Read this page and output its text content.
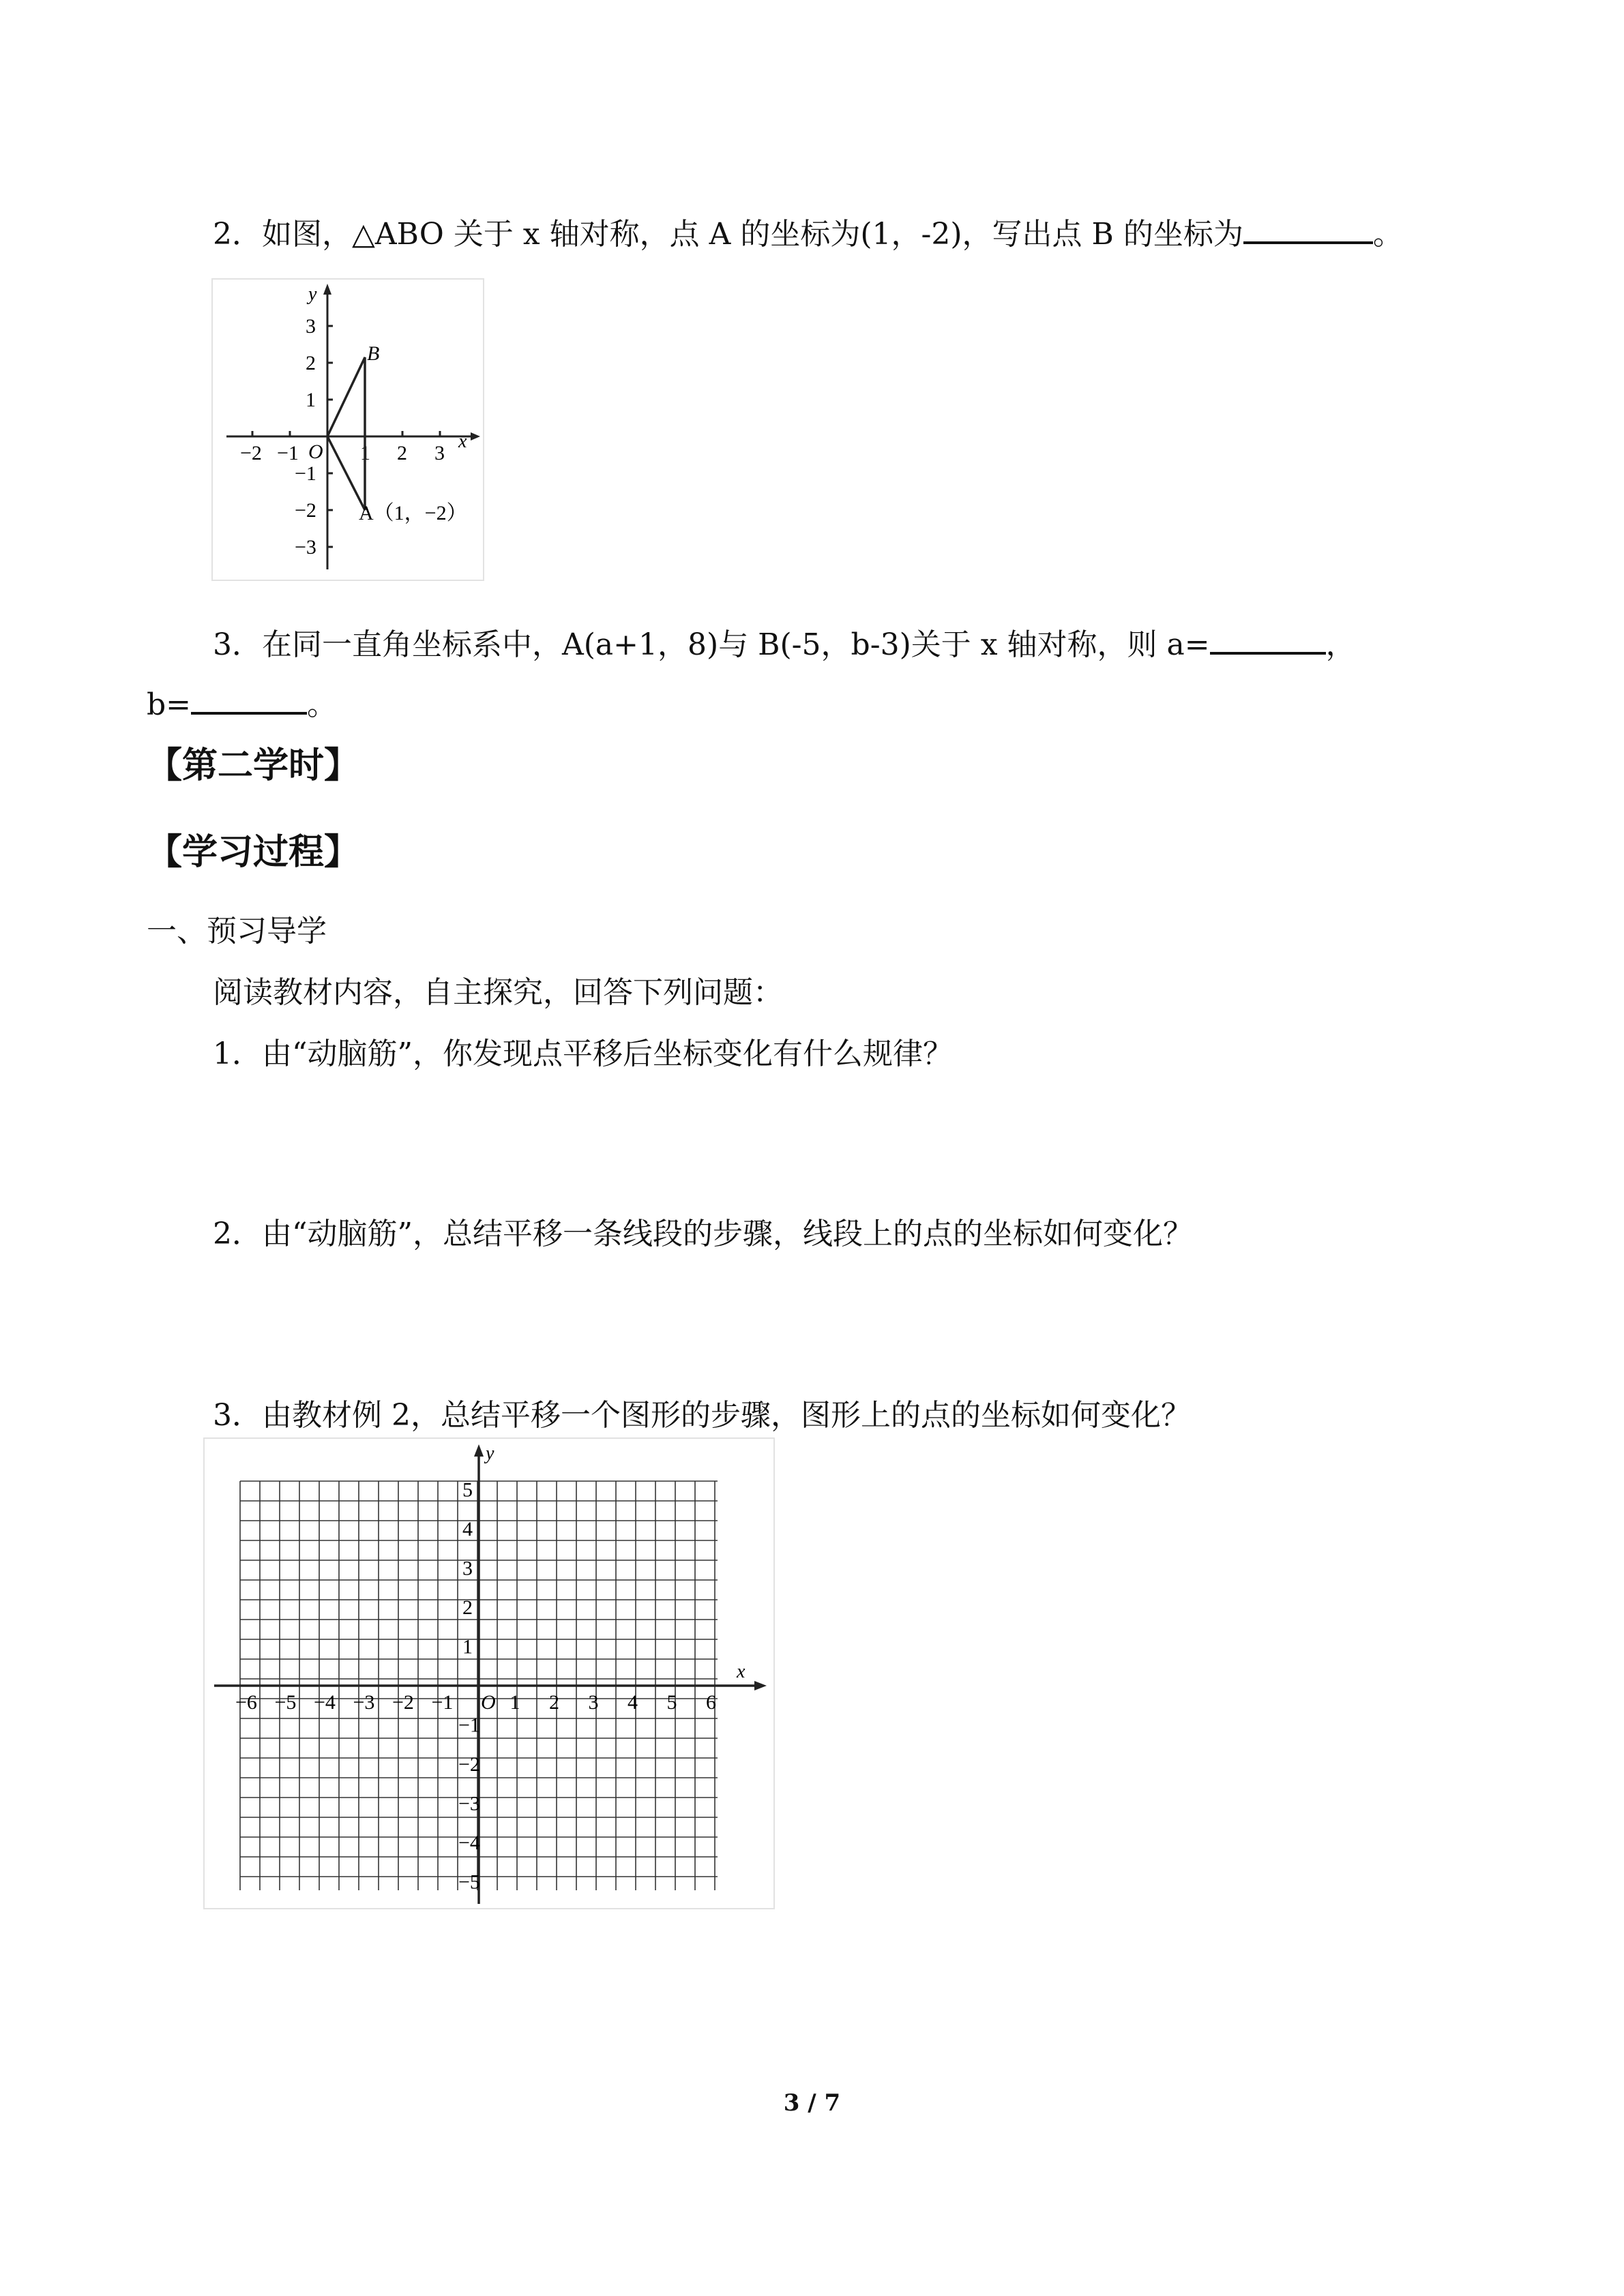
2．如图，△ABO 关于 x 轴对称，点 A 的坐标为(1，-2)，写出点 B 的坐标为	。
−2 −1	1 2 3
3
2
1
−1
−2
−3
O	x
y
B
A（1，−2）
3．在同一直角坐标系中，A(a+1，8)与 B(-5，b-3)关于 x 轴对称，则 a=	，
b=	。
【第二学时】
【学习过程】
一、预习导学
阅读教材内容，自主探究，回答下列问题：
1．由“动脑筋”，你发现点平移后坐标变化有什么规律？
2．由“动脑筋”，总结平移一条线段的步骤，线段上的点的坐标如何变化？
3．由教材例 2，总结平移一个图形的步骤，图形上的点的坐标如何变化？
−6 −5 −4 −3 −2 −1	1 2 3 4 5 6
5
4
3
2
1
−1
−2
−3
−4
−5
O
x
y
3 / 7
